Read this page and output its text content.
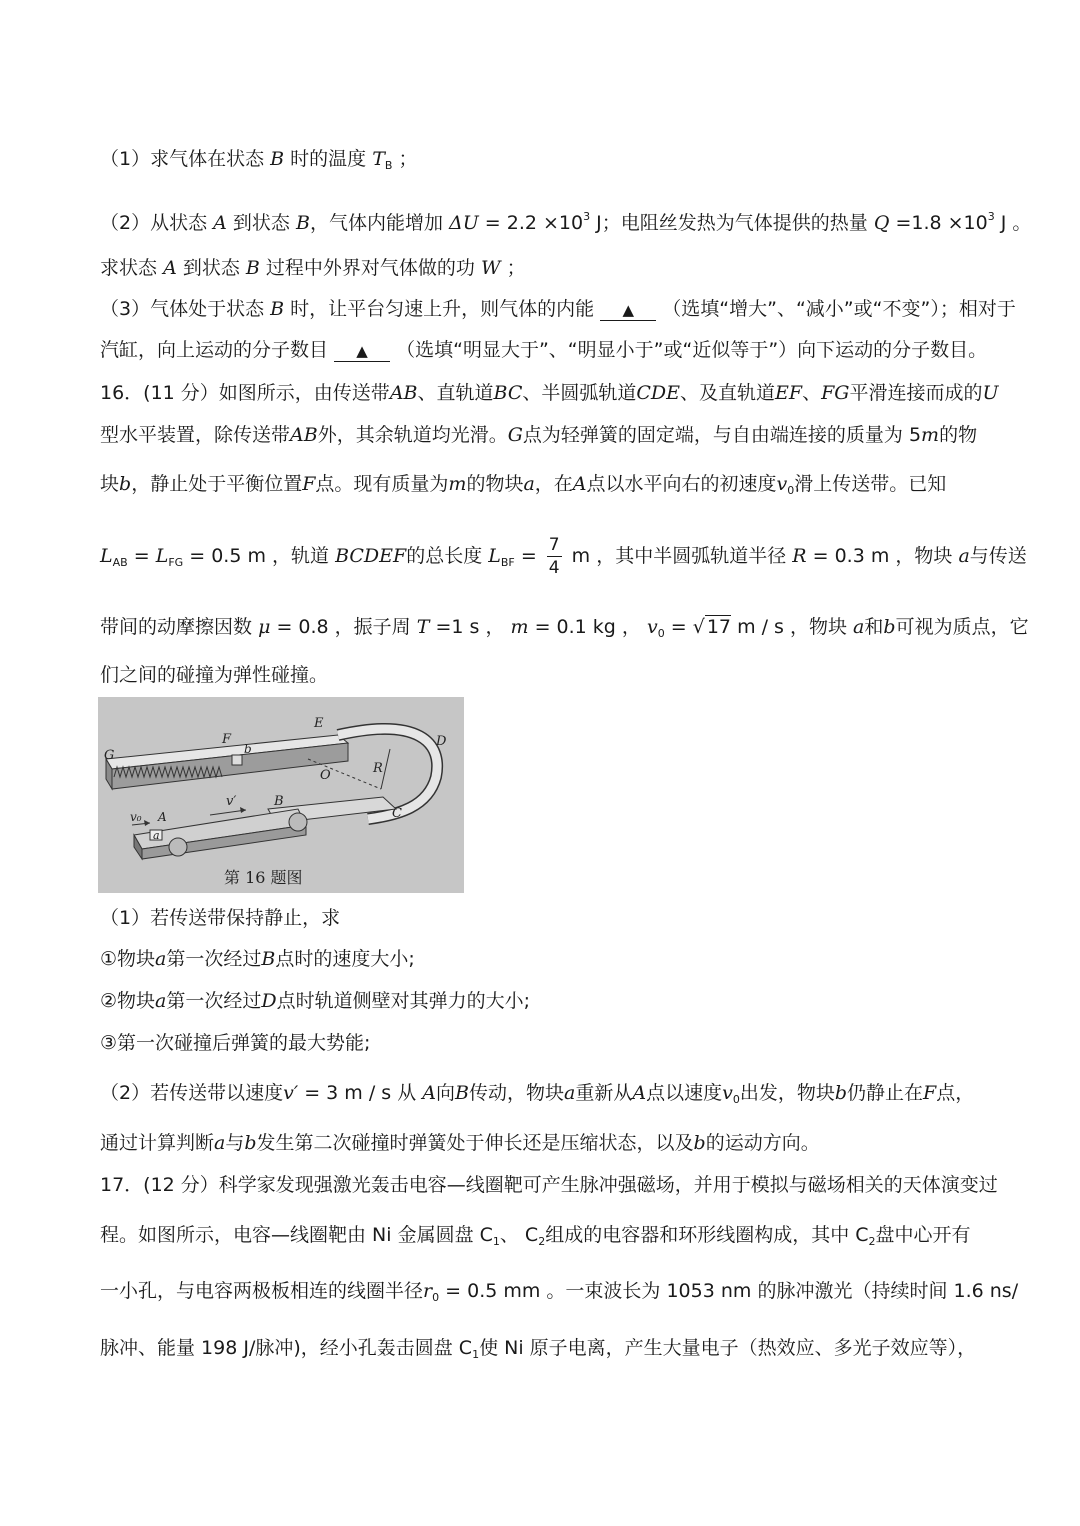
（1）求气体在状态 B 时的温度 $T_B$ ；
（2）从状态 A 到状态 B，气体内能增加 $\Delta U = 2.2 \times 10^3$ J；电阻丝发热为气体提供的热量 $Q =1.8 \times 10^3$ J 。
求状态 A 到状态 B 过程中外界对气体做的功 W ；
（3）气体处于状态 B 时，让平台匀速上升，则气体的内能 ▲ （选填“增大”、“减小”或“不变”）；相对于
汽缸，向上运动的分子数目 ▲ （选填“明显大于”、“明显小于”或“近似等于”）向下运动的分子数目。
16．(11 分）如图所示，由传送带AB、直轨道BC、半圆弧轨道CDE、及直轨道EF、FG平滑连接而成的U
型水平装置，除传送带AB外，其余轨道均光滑。G点为轻弹簧的固定端，与自由端连接的质量为 5m的物
块b，静止处于平衡位置F点。现有质量为m的物块a，在A点以水平向右的初速度$v_0$滑上传送带。已知
$L_{AB} = L_{FG} = 0.5$ m ，轨道 BCDEF的总长度 $L_{BF} = \frac{7}{4}$ m ，其中半圆弧轨道半径 R = 0.3 m ，物块 a与传送
带间的动摩擦因数 μ = 0.8 ，振子周 T =1 s ， m = 0.1 kg ， $v_0$ = √ 17 m / s ，物块 a和b可视为质点，它
们之间的碰撞为弹性碰撞。
G
F
b
E
D
O	R
C
B
v′
v₀ A
a
第 16 题图
（1）若传送带保持静止，求
①物块a第一次经过B点时的速度大小;
②物块a第一次经过D点时轨道侧壁对其弹力的大小;
③第一次碰撞后弹簧的最大势能;
（2）若传送带以速度v′ = 3 m / s 从 A向B传动，物块a重新从A点以速度$v_0$出发，物块b仍静止在F点，
通过计算判断a与b发生第二次碰撞时弹簧处于伸长还是压缩状态，以及b的运动方向。
17．(12 分）科学家发现强激光轰击电容—线圈靶可产生脉冲强磁场，并用于模拟与磁场相关的天体演变过
程。如图所示，电容—线圈靶由 Ni 金属圆盘 $C_1$、 $C_2$组成的电容器和环形线圈构成，其中 $C_2$盘中心开有
一小孔，与电容两极板相连的线圈半径$r_0 = 0.5$ mm 。一束波长为 1053 nm 的脉冲激光（持续时间 1.6 ns/
脉冲、能量 198 J/脉冲)，经小孔轰击圆盘 $C_1$使 Ni 原子电离，产生大量电子（热效应、多光子效应等），
